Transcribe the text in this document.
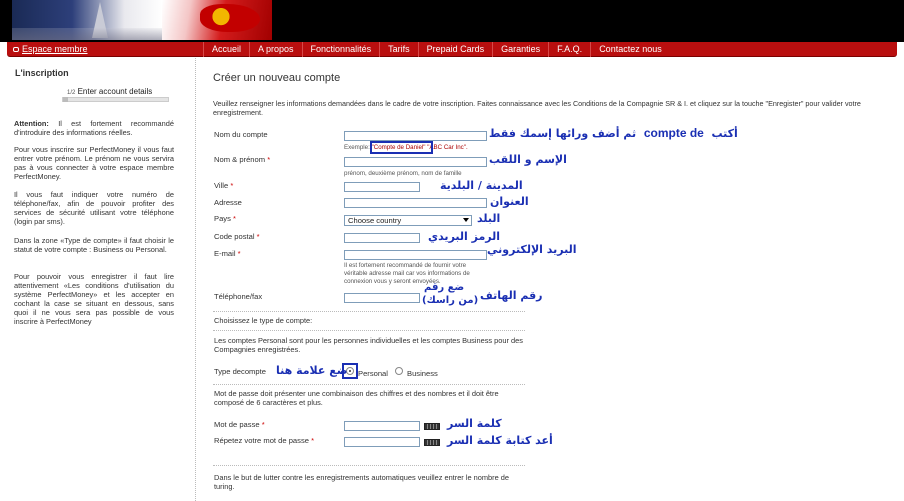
Espace membre	Accueil	A propos	Fonctionnalités	Tarifs	Prepaid Cards	Garanties	F.A.Q.	Contactez nous
L'inscription
1/2 Enter account details
Attention: Il est fortement recommandé d'introduire des informations réelles.
Pour vous inscrire sur PerfectMoney il vous faut entrer votre prénom. Le prénom ne vous servira pas à vous connecter à votre espace membre PerfectMoney.
Il vous faut indiquer votre numéro de téléphone/fax, afin de pouvoir profiter des services de sécurité utilisant votre téléphone (login par sms).
Dans la zone «Type de compte» il faut choisir le statut de votre compte : Business ou Personal.
Pour pouvoir vous enregistrer il faut lire attentivement «Les conditions d'utilisation du système PerfectMoney» et les accepter en cochant la case se situant en dessous, sans quoi il ne vous sera pas possible de vous inscrire à PerfectMoney
Créer un nouveau compte
Veuillez renseigner les informations demandées dans le cadre de votre inscription. Faites connaissance avec les Conditions de la Compagnie SR & I. et cliquez sur la touche "Enregister" pour valider votre enregistrement.
Nom du compte
Exemple: "Compte de Daniel" "ABC Car Inc".
Nom & prénom *
prénom, deuxième prénom, nom de famille
Ville *
Adresse
Pays *	Choose country
Code postal *
E-mail *
Il est fortement recommandé de fournir votre véritable adresse mail car vos informations de connexion vous y seront envoyées.
Téléphone/fax
Choisissez le type de compte:
Les comptes Personal sont pour les personnes individuelles et les comptes Business pour des Compagnies enregistrées.
Type decompte	Personal	Business
Mot de passe doit présenter une combinaison des chiffres et des nombres et il doit être composé de 6 caractères et plus.
Mot de passe *
Répetez votre mot de passe *
Dans le but de lutter contre les enregistrements automatiques veuillez entrer le nombre de turing.
أكتب  compte de  ثم أضف ورائها إسمك فقط
الإسم و اللقب
المدينة / البلدية
العنوان
البلد
الرمز البريدي
البريد الإلكتروني
ضع رقم
(من راسك) رقم الهاتف
ضع علامة هنا
كلمة السر
أعد كتابة كلمة السر
